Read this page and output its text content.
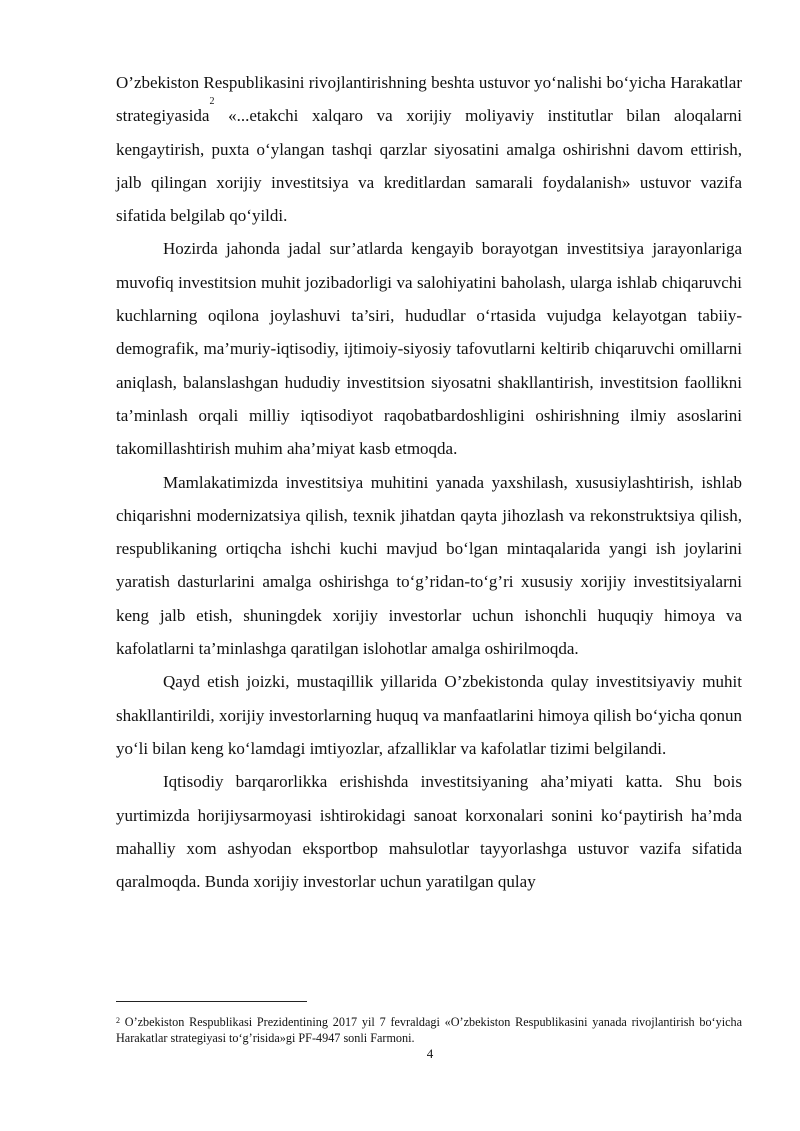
O’zbekiston Respublikasini rivojlantirishning beshta ustuvor yo‘nalishi bo‘yicha Harakatlar strategiyasida$^2$ «...etakchi xalqaro va xorijiy moliyaviy institutlar bilan aloqalarni kengaytirish, puxta o‘ylangan tashqi qarzlar siyosatini amalga oshirishni davom ettirish, jalb qilingan xorijiy investitsiya va kreditlardan samarali foydalanish» ustuvor vazifa sifatida belgilab qo‘yildi.

Hozirda jahonda jadal sur’atlarda kengayib borayotgan investitsiya jarayonlariga muvofiq investitsion muhit jozibadorligi va salohiyatini baholash, ularga ishlab chiqaruvchi kuchlarning oqilona joylashuvi ta’siri, hududlar o‘rtasida vujudga kelayotgan tabiiy-demografik, ma’muriy-iqtisodiy, ijtimoiy-siyosiy tafovutlarni keltirib chiqaruvchi omillarni aniqlash, balanslashgan hududiy investitsion siyosatni shakllantirish, investitsion faollikni ta’minlash orqali milliy iqtisodiyot raqobatbardoshligini oshirishning ilmiy asoslarini takomillashtirish muhim aha’miyat kasb etmoqda.

Mamlakatimizda investitsiya muhitini yanada yaxshilash, xususiylashtirish, ishlab chiqarishni modernizatsiya qilish, texnik jihatdan qayta jihozlash va rekonstruktsiya qilish, respublikaning ortiqcha ishchi kuchi mavjud bo‘lgan mintaqalarida yangi ish joylarini yaratish dasturlarini amalga oshirishga to‘g’ridan-to‘g’ri xususiy xorijiy investitsiyalarni keng jalb etish, shuningdek xorijiy investorlar uchun ishonchli huquqiy himoya va kafolatlarni ta’minlashga qaratilgan islohotlar amalga oshirilmoqda.

Qayd etish joizki, mustaqillik yillarida O’zbekistonda qulay investitsiyaviy muhit shakllantirildi, xorijiy investorlarning huquq va manfaatlarini himoya qilish bo‘yicha qonun yo‘li bilan keng ko‘lamdagi imtiyozlar, afzalliklar va kafolatlar tizimi belgilandi.

Iqtisodiy barqarorlikka erishishda investitsiyaning aha’miyati katta. Shu bois yurtimizda horijiysarmoyasi ishtirokidagi sanoat korxonalari sonini ko‘paytirish ha’mda mahalliy xom ashyodan eksportbop mahsulotlar tayyorlashga ustuvor vazifa sifatida qaralmoqda. Bunda xorijiy investorlar uchun yaratilgan qulay

$^2$ O’zbekiston Respublikasi Prezidentining 2017 yil 7 fevraldagi «O’zbekiston Respublikasini yanada rivojlantirish bo‘yicha Harakatlar strategiyasi to‘g’risida»gi PF-4947 sonli Farmoni.

4
